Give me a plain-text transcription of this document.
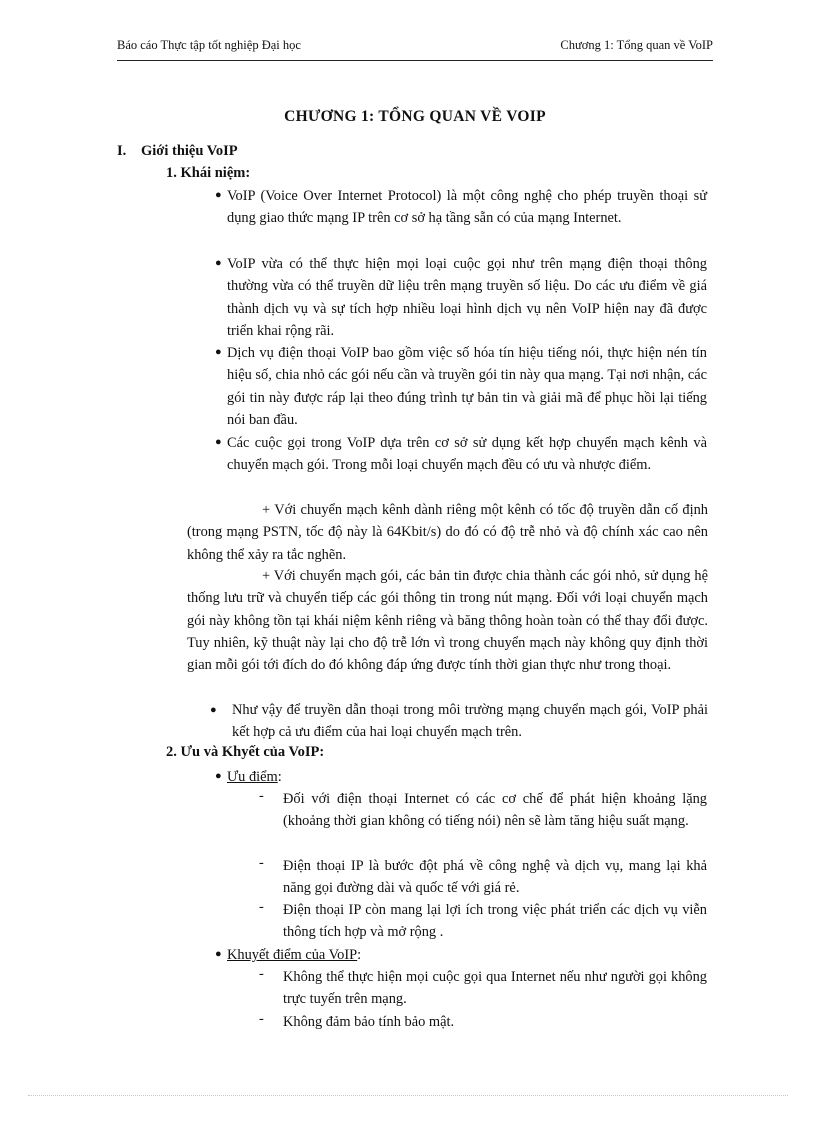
Báo cáo Thực tập tốt nghiệp Đại học	Chương 1: Tổng quan về VoIP
CHƯƠNG 1: TỔNG QUAN VỀ VOIP
I. Giới thiệu VoIP
1. Khái niệm:
● VoIP (Voice Over Internet Protocol) là một công nghệ cho phép truyền thoại sử dụng giao thức mạng IP trên cơ sở hạ tầng sẵn có của mạng Internet.
● VoIP vừa có thể thực hiện mọi loại cuộc gọi như trên mạng điện thoại thông thường vừa có thể truyền dữ liệu trên mạng truyền số liệu. Do các ưu điểm về giá thành dịch vụ và sự tích hợp nhiều loại hình dịch vụ nên VoIP hiện nay đã được triển khai rộng rãi.
● Dịch vụ điện thoại VoIP bao gồm việc số hóa tín hiệu tiếng nói, thực hiện nén tín hiệu số, chia nhỏ các gói nếu cần và truyền gói tin này qua mạng. Tại nơi nhận, các gói tin này được ráp lại theo đúng trình tự bản tin và giải mã để phục hồi lại tiếng nói ban đầu.
● Các cuộc gọi trong VoIP dựa trên cơ sở sử dụng kết hợp chuyển mạch kênh và chuyển mạch gói. Trong mỗi loại chuyển mạch đều có ưu và nhược điểm.
+ Với chuyển mạch kênh dành riêng một kênh có tốc độ truyền dẫn cố định (trong mạng PSTN, tốc độ này là 64Kbit/s) do đó có độ trễ nhỏ và độ chính xác cao nên không thể xảy ra tắc nghẽn.
+ Với chuyển mạch gói, các bản tin được chia thành các gói nhỏ, sử dụng hệ thống lưu trữ và chuyển tiếp các gói thông tin trong nút mạng. Đối với loại chuyển mạch gói này không tồn tại khái niệm kênh riêng và băng thông hoàn toàn có thể thay đổi được. Tuy nhiên, kỹ thuật này lại cho độ trễ lớn vì trong chuyển mạch này không quy định thời gian mỗi gói tới đích do đó không đáp ứng được tính thời gian thực như trong thoại.
● Như vậy để truyền dẫn thoại trong môi trường mạng chuyển mạch gói, VoIP phải kết hợp cả ưu điểm của hai loại chuyển mạch trên.
2. Ưu và Khyết của VoIP:
● Ưu điểm:
- Đối với điện thoại Internet có các cơ chế để phát hiện khoảng lặng (khoảng thời gian không có tiếng nói) nên sẽ làm tăng hiệu suất mạng.
- Điện thoại IP là bước đột phá về công nghệ và dịch vụ, mang lại khả năng gọi đường dài và quốc tế với giá rẻ.
- Điện thoại IP còn mang lại lợi ích trong việc phát triển các dịch vụ viễn thông tích hợp và mở rộng .
● Khuyết điểm của VoIP:
- Không thể thực hiện mọi cuộc gọi qua Internet nếu như người gọi không trực tuyến trên mạng.
- Không đảm bảo tính bảo mật.
